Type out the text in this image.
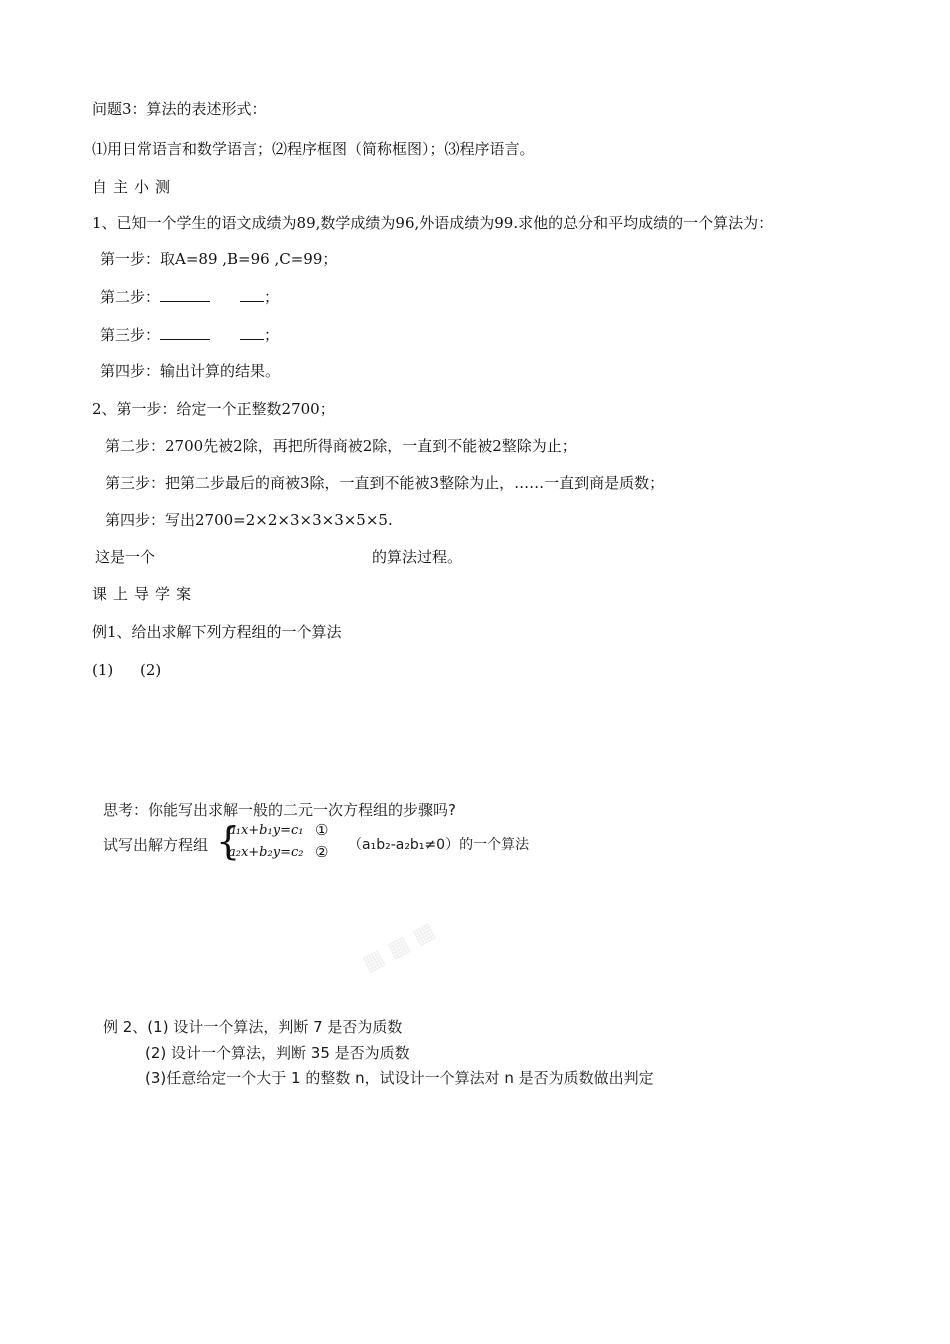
问题3：算法的表述形式：
⑴用日常语言和数学语言；⑵程序框图（简称框图）；⑶程序语言。
自主小测
1、已知一个学生的语文成绩为89,数学成绩为96,外语成绩为99.求他的总分和平均成绩的一个算法为：
第一步：取A=89 ,B=96 ,C=99；
第二步：	；
第三步：	；
第四步：输出计算的结果。
2、第一步：给定一个正整数2700；
第二步：2700先被2除，再把所得商被2除，一直到不能被2整除为止；
第三步：把第二步最后的商被3除，一直到不能被3整除为止，……一直到商是质数；
第四步：写出2700=2×2×3×3×3×5×5.
这是一个	的算法过程。
课上导学案
例1、给出求解下列方程组的一个算法
(1) (2)
思考：你能写出求解一般的二元一次方程组的步骤吗?
试写出解方程组 {
a₁x+b₁y=c₁
a₂x+b₂y=c₂
①
② （a₁b₂-a₂b₁≠0）的一个算法
▦ ▦ ▦
例 2、(1) 设计一个算法，判断 7 是否为质数
(2) 设计一个算法，判断 35 是否为质数
(3)任意给定一个大于 1 的整数 n，试设计一个算法对 n 是否为质数做出判定
